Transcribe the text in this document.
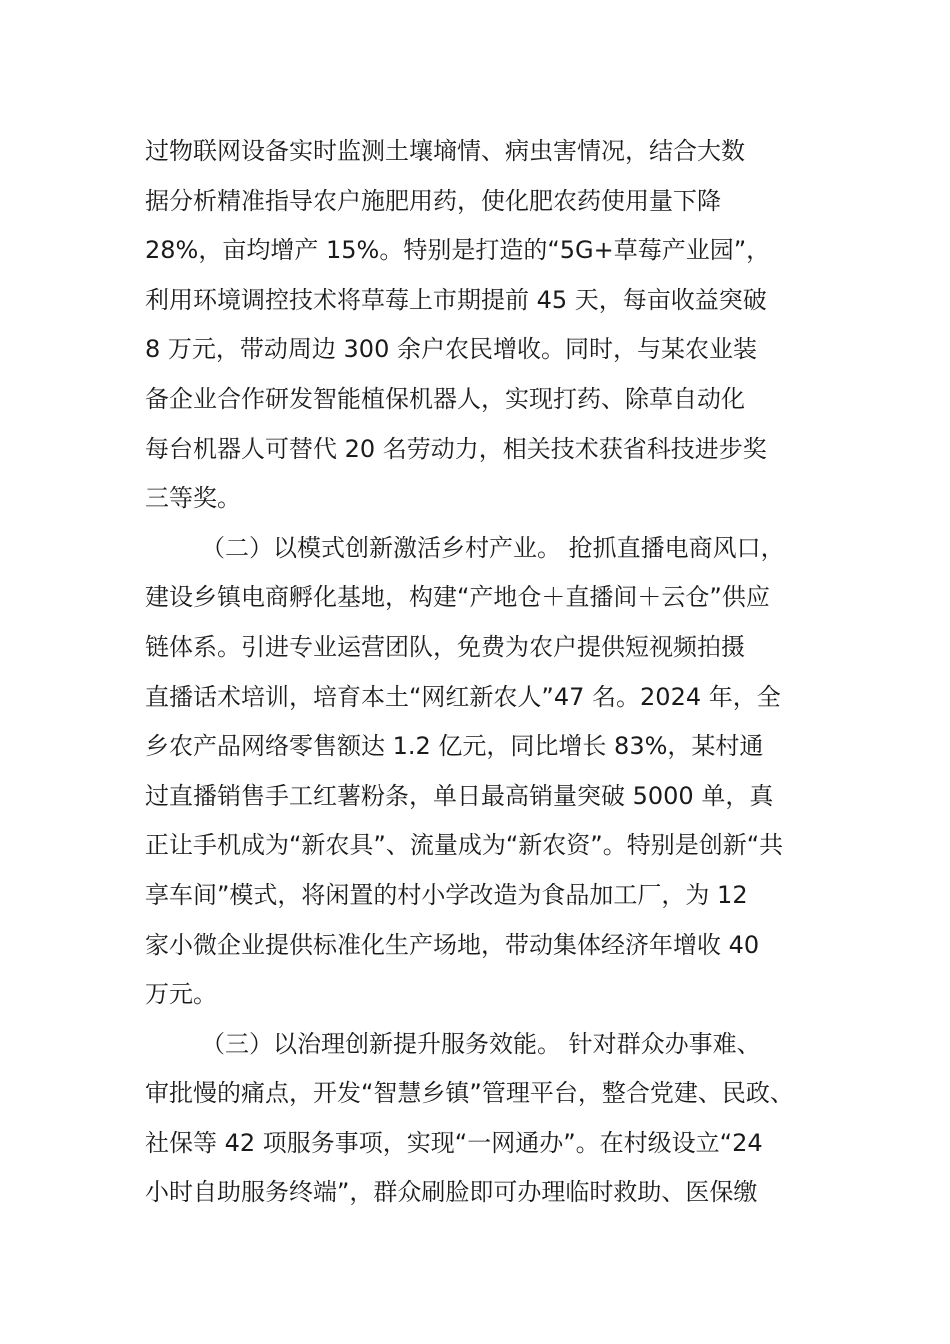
过物联网设备实时监测土壤墒情、病虫害情况，结合大数
据分析精准指导农户施肥用药，使化肥农药使用量下降
28%，亩均增产 15%。特别是打造的“5G+草莓产业园”，
利用环境调控技术将草莓上市期提前 45 天，每亩收益突破
8 万元，带动周边 300 余户农民增收。同时，与某农业装
备企业合作研发智能植保机器人，实现打药、除草自动化
每台机器人可替代 20 名劳动力，相关技术获省科技进步奖
三等奖。
（二）以模式创新激活乡村产业。 抢抓直播电商风口，
建设乡镇电商孵化基地，构建“产地仓＋直播间＋云仓”供应
链体系。引进专业运营团队，免费为农户提供短视频拍摄
直播话术培训，培育本土“网红新农人”47 名。2024 年，全
乡农产品网络零售额达 1.2 亿元，同比增长 83%，某村通
过直播销售手工红薯粉条，单日最高销量突破 5000 单，真
正让手机成为“新农具”、流量成为“新农资”。特别是创新“共
享车间”模式，将闲置的村小学改造为食品加工厂，为 12
家小微企业提供标准化生产场地，带动集体经济年增收 40
万元。
（三）以治理创新提升服务效能。 针对群众办事难、
审批慢的痛点，开发“智慧乡镇”管理平台，整合党建、民政、
社保等 42 项服务事项，实现“一网通办”。在村级设立“24
小时自助服务终端”，群众刷脸即可办理临时救助、医保缴
